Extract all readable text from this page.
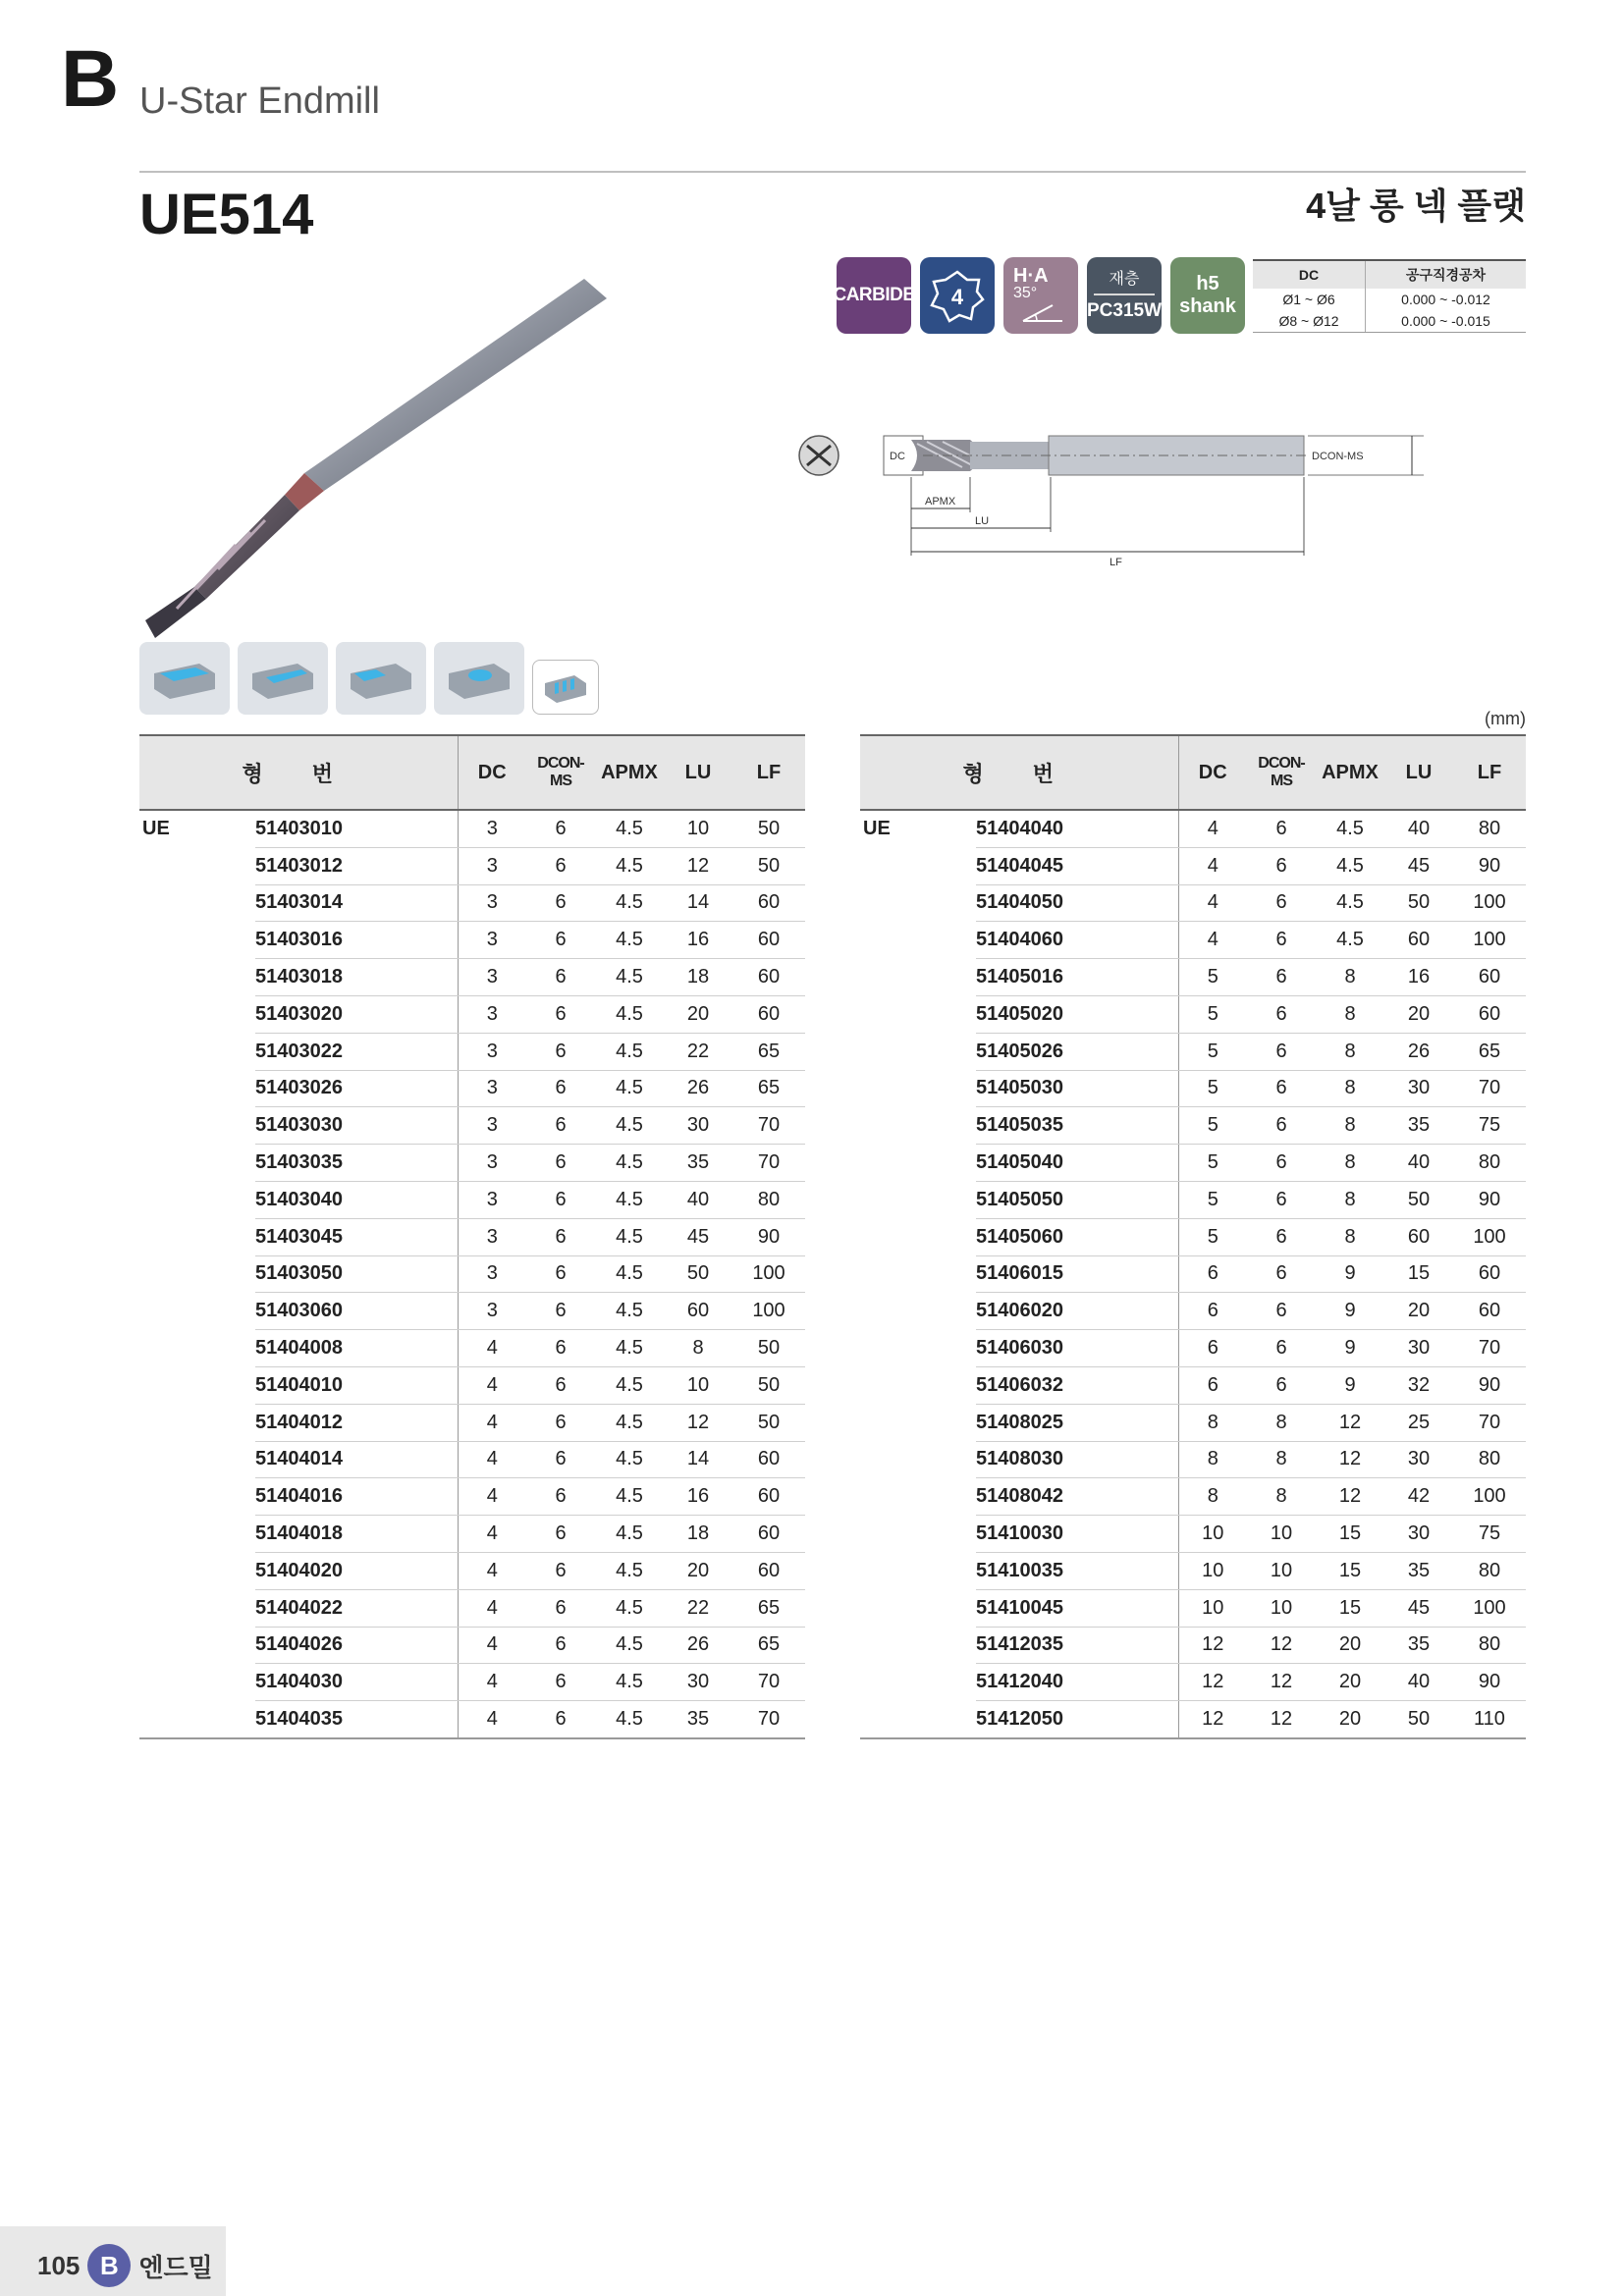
B U-Star Endmill
UE514	4날 롱 넥 플랫
CARBIDE 4
H·A
35°
재층
PC315W
h5
shank
DC	공구직경공차
Ø1 ~ Ø6	0.000 ~ -0.012
Ø8 ~ Ø12	0.000 ~ -0.015
DC	DCON-MS
APMX
LU
LF
(mm)
형 번		DC	DCON-MS	APMX	LU	LF
UE	51403010	3	6	4.5	10	50
	51403012	3	6	4.5	12	50
	51403014	3	6	4.5	14	60
	51403016	3	6	4.5	16	60
	51403018	3	6	4.5	18	60
	51403020	3	6	4.5	20	60
	51403022	3	6	4.5	22	65
	51403026	3	6	4.5	26	65
	51403030	3	6	4.5	30	70
	51403035	3	6	4.5	35	70
	51403040	3	6	4.5	40	80
	51403045	3	6	4.5	45	90
	51403050	3	6	4.5	50	100
	51403060	3	6	4.5	60	100
	51404008	4	6	4.5	8	50
	51404010	4	6	4.5	10	50
	51404012	4	6	4.5	12	50
	51404014	4	6	4.5	14	60
	51404016	4	6	4.5	16	60
	51404018	4	6	4.5	18	60
	51404020	4	6	4.5	20	60
	51404022	4	6	4.5	22	65
	51404026	4	6	4.5	26	65
	51404030	4	6	4.5	30	70
	51404035	4	6	4.5	35	70
형 번		DC	DCON-MS	APMX	LU	LF
UE	51404040	4	6	4.5	40	80
	51404045	4	6	4.5	45	90
	51404050	4	6	4.5	50	100
	51404060	4	6	4.5	60	100
	51405016	5	6	8	16	60
	51405020	5	6	8	20	60
	51405026	5	6	8	26	65
	51405030	5	6	8	30	70
	51405035	5	6	8	35	75
	51405040	5	6	8	40	80
	51405050	5	6	8	50	90
	51405060	5	6	8	60	100
	51406015	6	6	9	15	60
	51406020	6	6	9	20	60
	51406030	6	6	9	30	70
	51406032	6	6	9	32	90
	51408025	8	8	12	25	70
	51408030	8	8	12	30	80
	51408042	8	8	12	42	100
	51410030	10	10	15	30	75
	51410035	10	10	15	35	80
	51410045	10	10	15	45	100
	51412035	12	12	20	35	80
	51412040	12	12	20	40	90
	51412050	12	12	20	50	110
105 B 엔드밀
